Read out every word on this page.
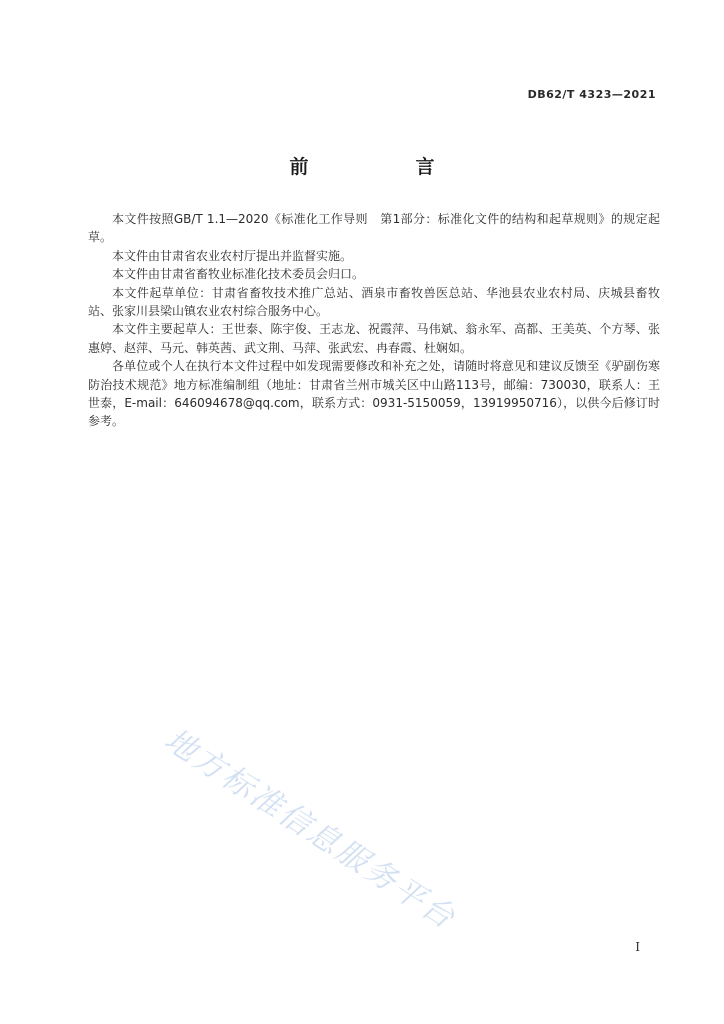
DB62/T 4323—2021
前　言

本文件按照GB/T 1.1—2020《标准化工作导则　第1部分：标准化文件的结构和起草规则》的规定起草。

本文件由甘肃省农业农村厅提出并监督实施。

本文件由甘肃省畜牧业标准化技术委员会归口。

本文件起草单位：甘肃省畜牧技术推广总站、酒泉市畜牧兽医总站、华池县农业农村局、庆城县畜牧站、张家川县梁山镇农业农村综合服务中心。

本文件主要起草人：王世泰、陈宇俊、王志龙、祝霞萍、马伟斌、翁永军、高都、王美英、个方琴、张惠婷、赵萍、马元、韩英茜、武文荆、马萍、张武宏、冉春霞、杜娴如。

各单位或个人在执行本文件过程中如发现需要修改和补充之处，请随时将意见和建议反馈至《驴副伤寒防治技术规范》地方标准编制组（地址：甘肃省兰州市城关区中山路113号，邮编：730030，联系人：王世泰，E-mail：646094678@qq.com，联系方式：0931-5150059，13919950716），以供今后修订时参考。

地方标准信息服务平台
I
